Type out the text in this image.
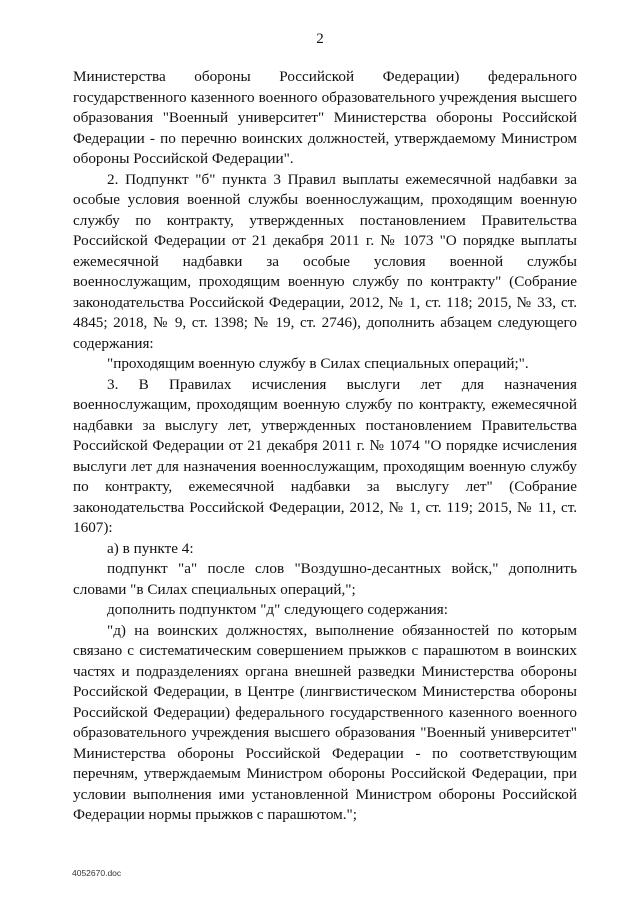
2

Министерства обороны Российской Федерации) федерального государственного казенного военного образовательного учреждения высшего образования "Военный университет" Министерства обороны Российской Федерации - по перечню воинских должностей, утверждаемому Министром обороны Российской Федерации".

2. Подпункт "б" пункта 3 Правил выплаты ежемесячной надбавки за особые условия военной службы военнослужащим, проходящим военную службу по контракту, утвержденных постановлением Правительства Российской Федерации от 21 декабря 2011 г. № 1073 "О порядке выплаты ежемесячной надбавки за особые условия военной службы военнослужащим, проходящим военную службу по контракту" (Собрание законодательства Российской Федерации, 2012, № 1, ст. 118; 2015, № 33, ст. 4845; 2018, № 9, ст. 1398; № 19, ст. 2746), дополнить абзацем следующего содержания:

"проходящим военную службу в Силах специальных операций;".

3. В Правилах исчисления выслуги лет для назначения военнослужащим, проходящим военную службу по контракту, ежемесячной надбавки за выслугу лет, утвержденных постановлением Правительства Российской Федерации от 21 декабря 2011 г. № 1074 "О порядке исчисления выслуги лет для назначения военнослужащим, проходящим военную службу по контракту, ежемесячной надбавки за выслугу лет" (Собрание законодательства Российской Федерации, 2012, № 1, ст. 119; 2015, № 11, ст. 1607):

а) в пункте 4:

подпункт "а" после слов "Воздушно-десантных войск," дополнить словами "в Силах специальных операций,";

дополнить подпунктом "д" следующего содержания:

"д) на воинских должностях, выполнение обязанностей по которым связано с систематическим совершением прыжков с парашютом в воинских частях и подразделениях органа внешней разведки Министерства обороны Российской Федерации, в Центре (лингвистическом Министерства обороны Российской Федерации) федерального государственного казенного военного образовательного учреждения высшего образования "Военный университет" Министерства обороны Российской Федерации - по соответствующим перечням, утверждаемым Министром обороны Российской Федерации, при условии выполнения ими установленной Министром обороны Российской Федерации нормы прыжков с парашютом.";

4052670.doc
